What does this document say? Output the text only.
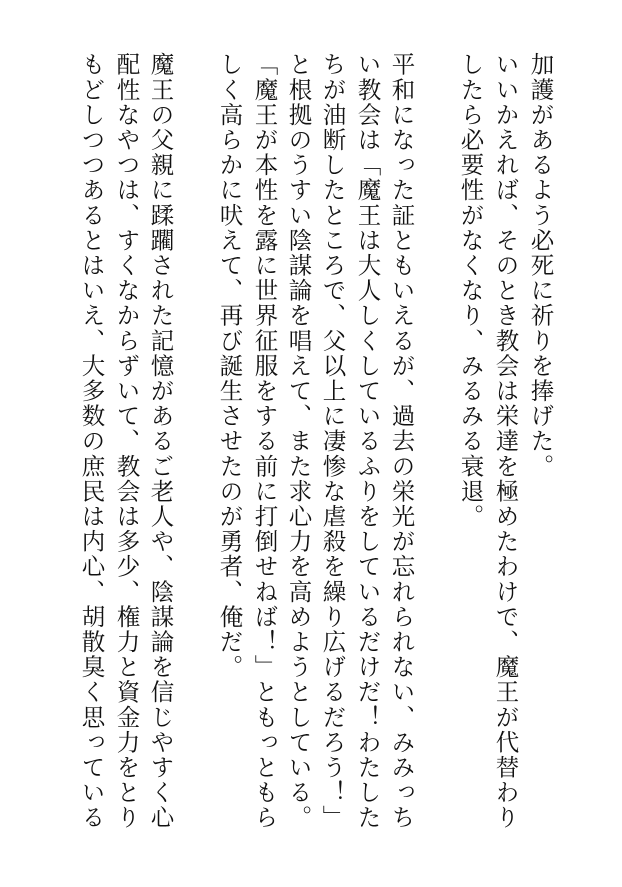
加護があるよう必死に祈りを捧げた。
いいかえれば、そのとき教会は栄達を極めたわけで、魔王が代替わり
したら必要性がなくなり、みるみる衰退。
平和になった証ともいえるが、過去の栄光が忘れられない、みみっち
い教会は「魔王は大人しくしているふりをしているだけだ！わたした
ちが油断したところで、父以上に凄惨な虐殺を繰り広げるだろう！」
と根拠のうすい陰謀論を唱えて、また求心力を高めようとしている。
「魔王が本性を露に世界征服をする前に打倒せねば！」ともっともら
しく高らかに吠えて、再び誕生させたのが勇者、俺だ。
魔王の父親に蹂躙された記憶があるご老人や、陰謀論を信じやすく心
配性なやつは、すくなからずいて、教会は多少、権力と資金力をとり
もどしつつあるとはいえ、大多数の庶民は内心、胡散臭く思っている
